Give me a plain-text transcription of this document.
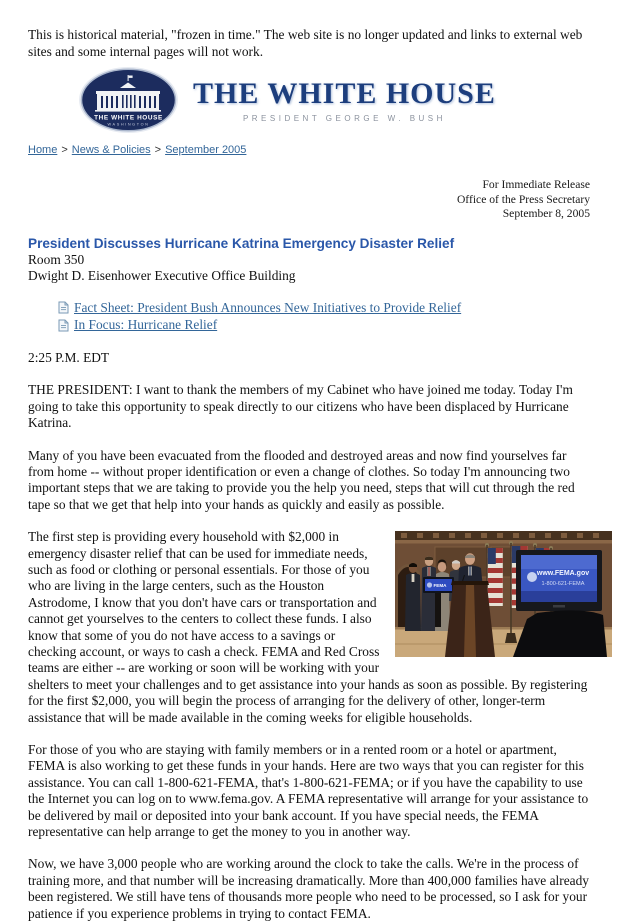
This is historical material, "frozen in time." The web site is no longer updated and links to external web sites and some internal pages will not work.

THE WHITE HOUSE
WASHINGTON
THE WHITE HOUSE
PRESIDENT GEORGE W. BUSH
Home > News & Policies > September 2005
For Immediate Release
Office of the Press Secretary
September 8, 2005
President Discusses Hurricane Katrina Emergency Disaster Relief
Room 350
Dwight D. Eisenhower Executive Office Building
Fact Sheet: President Bush Announces New Initiatives to Provide Relief
In Focus: Hurricane Relief
2:25 P.M. EDT

THE PRESIDENT: I want to thank the members of my Cabinet who have joined me today. Today I'm going to take this opportunity to speak directly to our citizens who have been displaced by Hurricane Katrina.

Many of you have been evacuated from the flooded and destroyed areas and now find yourselves far from home -- without proper identification or even a change of clothes. So today I'm announcing two important steps that we are taking to provide you the help you need, steps that will cut through the red tape so that we get that help into your hands as quickly and easily as possible.

FEMA
www.FEMA.gov
1-800-621-FEMA
The first step is providing every household with $2,000 in emergency disaster relief that can be used for immediate needs, such as food or clothing or personal essentials. For those of you who are living in the large centers, such as the Houston Astrodome, I know that you don't have cars or transportation and cannot get yourselves to the centers to collect these funds. I also know that some of you do not have access to a savings or checking account, or ways to cash a check. FEMA and Red Cross teams are either -- are working or soon will be working with your shelters to meet your challenges and to get assistance into your hands as soon as possible. By registering for the first $2,000, you will begin the process of arranging for the delivery of other, longer-term assistance that will be made available in the coming weeks for eligible households.

For those of you who are staying with family members or in a rented room or a hotel or apartment, FEMA is also working to get these funds in your hands. Here are two ways that you can register for this assistance. You can call 1-800-621-FEMA, that's 1-800-621-FEMA; or if you have the capability to use the Internet you can log on to www.fema.gov. A FEMA representative will arrange for your assistance to be delivered by mail or deposited into your bank account. If you have special needs, the FEMA representative can help arrange to get the money to you in another way.

Now, we have 3,000 people who are working around the clock to take the calls. We're in the process of training more, and that number will be increasing dramatically. More than 400,000 families have already been registered. We still have tens of thousands more people who need to be processed, so I ask for your patience if you experience problems in trying to contact FEMA.
